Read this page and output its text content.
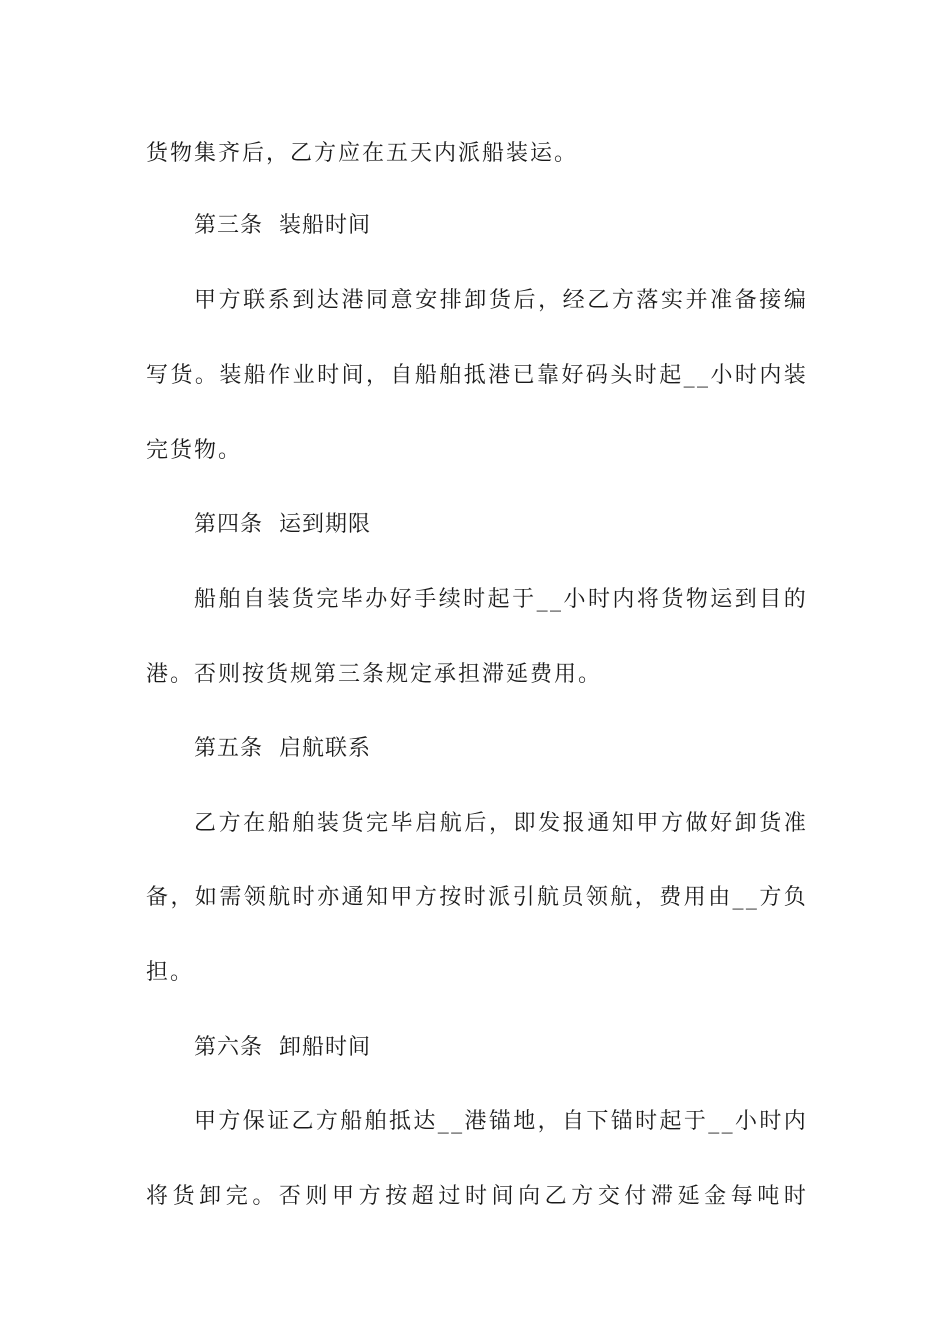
货物集齐后，乙方应在五天内派船装运。
第三条  装船时间
甲 方 联 系 到 达 港 同 意 安 排 卸 货 后 ， 经 乙 方 落 实 并 准 备 接 编
写 货 。 装 船 作 业 时 间 ， 自 船 舶 抵 港 已 靠 好 码 头 时 起 _ _ 小 时 内 装
完货物。
第四条  运到期限
船 舶 自 装 货 完 毕 办 好 手 续 时 起 于 _ _ 小 时 内 将 货 物 运 到 目 的
港。否则按货规第三条规定承担滞延费用。
第五条  启航联系
乙 方 在 船 舶 装 货 完 毕 启 航 后 ， 即 发 报 通 知 甲 方 做 好 卸 货 准
备 ， 如 需 领 航 时 亦 通 知 甲 方 按 时 派 引 航 员 领 航 ， 费 用 由 _ _ 方 负
担。
第六条  卸船时间
甲 方 保 证 乙 方 船 舶 抵 达 _ _ 港 锚 地 ， 自 下 锚 时 起 于 _ _ 小 时 内
将 货 卸 完 。 否 则 甲 方 按 超 过 时 间 向 乙 方 交 付 滞 延 金 每 吨 时
